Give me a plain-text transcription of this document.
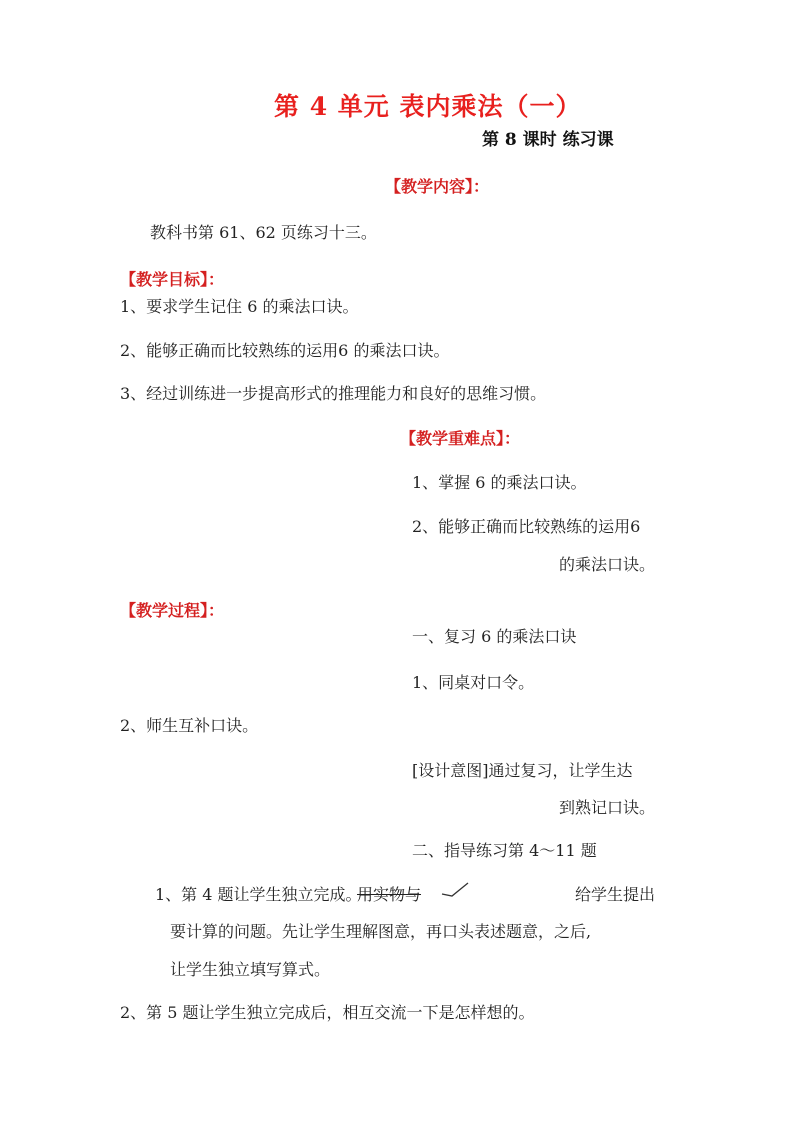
第 4 单元 表内乘法（一）
第 8 课时 练习课
【教学内容】：
教科书第 61、62 页练习十三。
【教学目标】：
1、要求学生记住 6 的乘法口诀。
2、能够正确而比较熟练的运用6 的乘法口诀。
3、经过训练进一步提高形式的推理能力和良好的思维习惯。
【教学重难点】：
1、掌握 6 的乘法口诀。
2、能够正确而比较熟练的运用6
的乘法口诀。
【教学过程】：
一、复习 6 的乘法口诀
1、同桌对口令。
2、师生互补口诀。
[设计意图]通过复习，让学生达
到熟记口诀。
二、指导练习第 4～11 题
1、第 4 题让学生独立完成。
用实物与	给学生提出
要计算的问题。先让学生理解图意，再口头表述题意，之后,
让学生独立填写算式。
2、第 5 题让学生独立完成后，相互交流一下是怎样想的。
